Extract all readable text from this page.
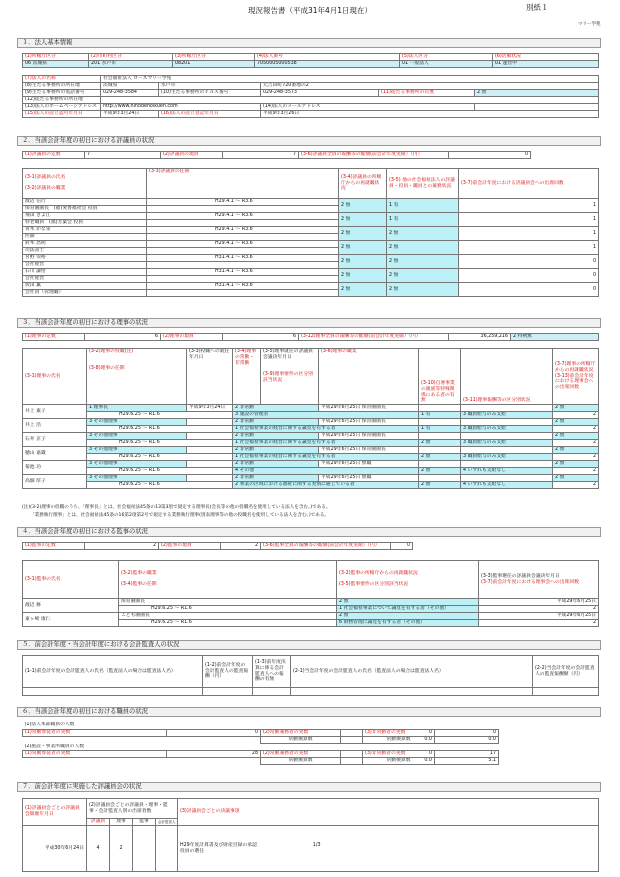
現況報告書（平成31年4月1日現在）	別紙１
マリー学苑
１．法人基本情報
(1)所轄庁区分	(2)市町村区分	(3)所轄庁区分	(4)法人番号	(5)法人区分	(6)活動状況
06 茨城県	201 水戸市	08201	7050005000538	01 一般法人	01 運営中
(7)法人の名称	社会福祉法人 ローズマリー学苑				
(8)主たる事務所の所在地	茨城県	水戸市	元吉田町720番地の2		
(9)主たる事務所の電話番号	029-248-3584	(10)主たる事務所のＦＡＸ番号	029-248-3573	(11)従たる事務所の有無	2 無
(12)従たる事務所の所在地					
(13)法人のホームページアドレス	http://www.hinodehoikuen.com		(14)法人のメールアドレス		
(15)法人の設立認可年月日	平成9年3月24日	(16)法人の設立登記年月日	平成9年3月26日		
２．当該会計年度の初日における評議員の状況
(1)評議員の定数	7	(2)評議員の現員	7	(3-6)評議員全員の報酬等の総額(前会計年度実績）（円）	0
(3-1)評議員の氏名

(3-2)評議員の職業	(3-3)評議員の任期	(3-4)評議員の所轄庁からの再就職状況	(3-5) 他の社会福祉法人の評議員・役員・職員との兼務状況	(3-7)前会計年度における評議員会への出席回数
渡辺 信行	H29.4.1 ～ R3.6	2 無	1 有	1
保育園園長　(福)愛香福祉会 役員				
飛田 きよ江	H29.4.1 ～ R3.6	2 無	1 有	1
特老職員　(福)芳葉会 役員				
青木 かな栄	H29.4.1 ～ R3.6	2 無	2 無	1
医師				
鈴木 昌明	H29.4.1 ～ R3.6	2 無	2 無	1
司法書士				
宮野 崇裕	H31.4.1 ～ R3.6	2 無	2 無	0
会社経営				
石川 謙悟	H31.4.1 ～ R3.6	2 無	2 無	0
会社経営				
坂田 薫	H31.4.1 ～ R3.6	2 無	2 無	0
会社員（管理職）				
３．当該会計年度の初日における理事の状況
(1)理事の定数	6	(2)理事の現員	6	(3-12)理事全員の報酬等の総額(前会計年度実績）（円）	36,259,216	2 特例無
(3-1)理事の氏名	(3-2)理事の役職(注)

(3-8)理事の任期	(3-3)役職への就任年月日	(3-4)理事の常勤・非常勤	(3-5)理事就任の評議員会議決年月日

(3-9)理事要件の区分別該当状況	(3-6)理事の職業	(3-10)自署事業の親族等特殊関係にある者の有無	(3-11)理事報酬等の区分別状況	(3-7)理事の所轄庁からの再就職状況
(3-13)前会計年度における理事会への出席回数
井上 素子	1 理事長	平成9年3月24日	2 非常勤		平成29年6月25日 保育園園長			2 無
	H29.6.25 ～ R1.6		3 施設の管理者			1 有	3 職員給与のみ支給	2
井上 浩	3 その他理事		2 非常勤		平成29年6月25日 保育園園長			2 無
	H29.6.25 ～ R1.6		1 社会福祉事業の経営に関する識見を有する者			1 有	3 職員給与のみ支給	2
石井 京子	3 その他理事		2 非常勤		平成29年6月25日 保育園園長			2 無
	H29.6.25 ～ R1.6		1 社会福祉事業の経営に関する識見を有する者			2 無	3 職員給与のみ支給	2
穂山 嘉蔵	3 その他理事		2 非常勤		平成29年6月25日 保育園園長			2 無
	H29.6.25 ～ R1.6		1 社会福祉事業の経営に関する識見を有する者			2 無	3 職員給与のみ支給	2
菊池 功	3 その他理事		2 非常勤		平成29年6月25日 無職			2 無
	H29.6.25 ～ R1.6		4 その他			2 無	4 いずれも支給なし	2
高畑 厚子	3 その他理事		2 非常勤		平成29年6月25日 無職			2 無
	H29.6.25 ～ R1.6		2 事業の区域における福祉に関する実情に通じている者			2 無	4 いずれも支給なし	2
(注)(3-2)理事の役職のうち、「理事長」とは、社会福祉法45条の13第3項で規定する理事長(会長等の他の役職名を使用している法人を含む。)である。
「業務執行理事」とは、社会福祉法45条の16第2項第2号で規定する業務執行理事(別表理事等の他の役職名を使用している法人を含む。)である。
４．当該会計年度の初日における監事の状況
(1)監事の定数	2	(2)監事の現員	2	(3-6)監事全員の報酬等の総額(前会計年度実績）（円）	0
(3-1)監事の氏名	(3-2)監事の職業

(3-4)監事の任期	(3-2)監事の所轄庁からの再就職状況

(3-5)監事要件の区分別該当状況	(3-3)監事選任の評議員会議決年月日
(3-7)前会計年度における理事会への出席回数
渡辺 修	保育園園長	2 無	平成29年6月25日
	H29.6.25 ～ R1.6	1 社会福祉事業について識見を有する者（その他）	2
東ヶ崎 康仁	こども園園長	2 無	平成29年6月25日
	H29.6.25 ～ R1.6	6 財務管理に識見を有する者（その他）	2
５．前会計年度・当会計年度における会計監査人の状況
(1-1)前会計年度の会計監査人の氏名（監査法人の場合は監査法人名）	(1-2)前会計年度の会計監査人の監査報酬（円）	(1-3)前年度決算に係る会計監査人への報酬の有無	(2-1)当会計年度の会計監査人の氏名（監査法人の場合は監査法人名）	(2-2)当会計年度の会計監査人の監査報酬額（円）

６．当該会計年度の初日における職員の状況
(1)法人本部職員の人数				
(1)常勤専従者の実数	0	(2)常勤兼務者の実数	0	
		常勤換算数	0.0	
(2)施設・事業所職員の人数				
(1)常勤専従者の実数	28	(2)常勤兼務者の実数	0	
		常勤換算数	0.0	
(3)非常勤者の実数	0
常勤換算数	0.0

(3)非常勤者の実数	17
常勤換算数	5.1
７．前会計年度に実施した評議員会の状況
(1)評議員会ごとの評議員会開催年月日	(2)評議員会ごとの評議員・理事・監事・会計監査人別の出席者数				(3)評議員会ごとの決議事項
	評議員	理事	監事	会計監査人	
平成30年6月24日	4	2			H29年度計算書及び財産目録の承認 1/3
役員の選任
